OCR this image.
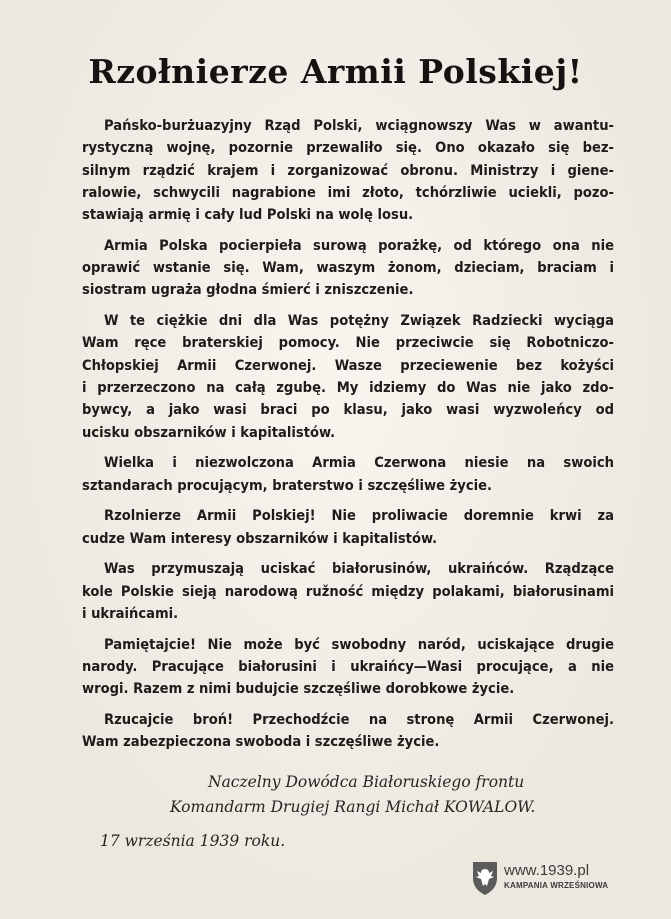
Rzołnierze Armii Polskiej!
Pańsko-burżuazyjny Rząd Polski, wciągnowszy Was w awantu-
rystyczną wojnę, pozornie przewaliło się. Ono okazało się bez-
silnym rządzić krajem i zorganizować obronu. Ministrzy i giene-
ralowie, schwycili nagrabione imi złoto, tchórzliwie uciekli, pozo-
stawiają armię i cały lud Polski na wolę losu.
Armia Polska pocierpieła surową porażkę, od którego ona nie
oprawić wstanie się. Wam, waszym żonom, dzieciam, braciam i
siostram ugraża głodna śmierć i zniszczenie.
W te ciężkie dni dla Was potężny Związek Radziecki wyciąga
Wam ręce braterskiej pomocy. Nie przeciwcie się Robotniczo-
Chłopskiej Armii Czerwonej. Wasze przeciewenie bez kożyści
i przerzeczono na całą zgubę. My idziemy do Was nie jako zdo-
bywcy, a jako wasi braci po klasu, jako wasi wyzwoleńcy od
ucisku obszarników i kapitalistów.
Wielka i niezwolczona Armia Czerwona niesie na swoich
sztandarach procującym, braterstwo i szczęśliwe życie.
Rzolnierze Armii Polskiej! Nie proliwacie doremnie krwi za
cudze Wam interesy obszarników i kapitalistów.
Was przymuszają uciskać białorusinów, ukraińców. Rządzące
kole Polskie sieją narodową ružność między polakami, białorusinami
i ukraińcami.
Pamiętajcie! Nie może być swobodny naród, uciskające drugie
narody. Pracujące białorusini i ukraińcy—Wasi procujące, a nie
wrogi. Razem z nimi budujcie szczęśliwe dorobkowe życie.
Rzucajcie broń! Przechodźcie na stronę Armii Czerwonej.
Wam zabezpieczona swoboda i szczęśliwe życie.
Naczelny Dowódca Białoruskiego frontu
Komandarm Drugiej Rangi Michał KOWALOW.
17 września 1939 roku.
www.1939.pl
KAMPANIA WRZEŚNIOWA
